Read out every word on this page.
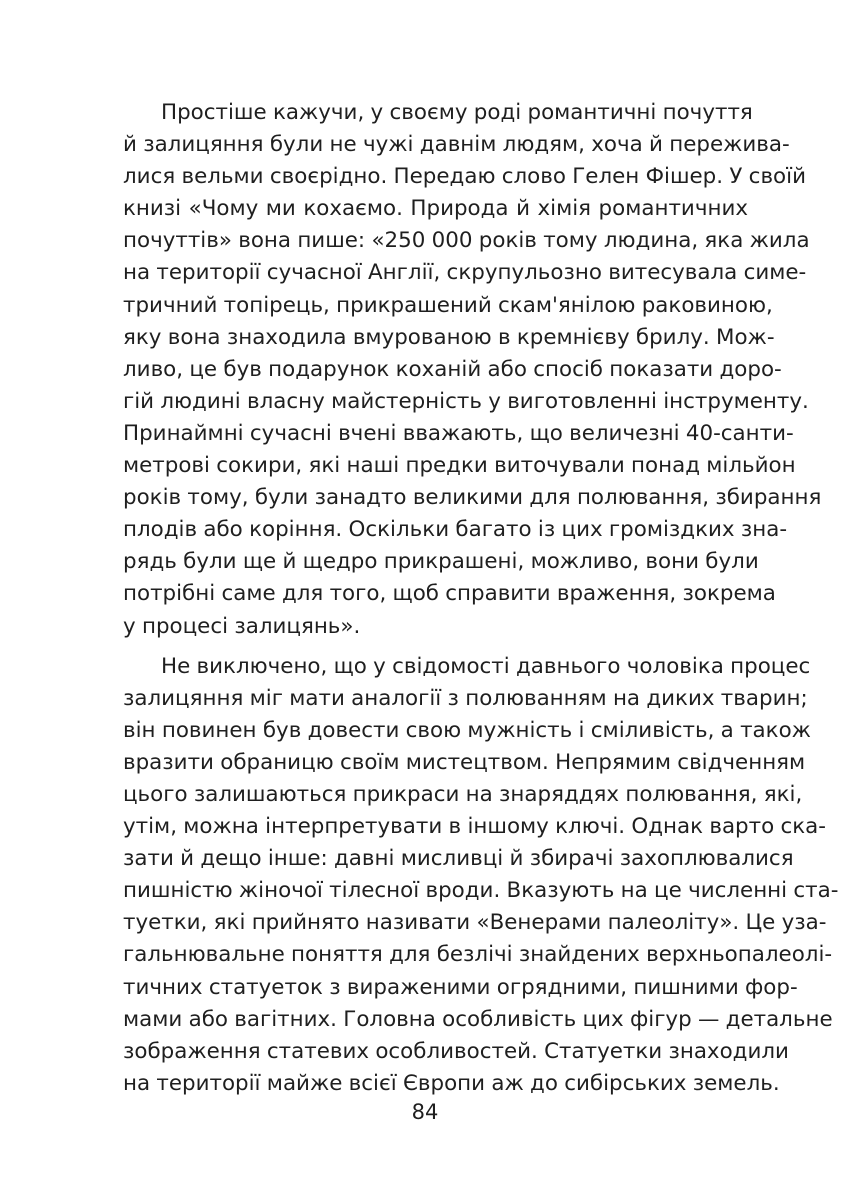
Простіше кажучи, у своєму роді романтичні почуття
й залицяння були не чужі давнім людям, хоча й пережива-
лися вельми своєрідно. Передаю слово Гелен Фішер. У своїй
книзі «Чому ми кохаємо. Природа й хімія романтичних
почуттів» вона пише: «250 000 років тому людина, яка жила
на території сучасної Англії, скрупульозно витесувала симе-
тричний топірець, прикрашений скам'янілою раковиною,
яку вона знаходила вмурованою в кремнієву брилу. Мож-
ливо, це був подарунок коханій або спосіб показати доро-
гій людині власну майстерність у виготовленні інструменту.
Принаймні сучасні вчені вважають, що величезні 40-санти-
метрові сокири, які наші предки виточували понад мільйон
років тому, були занадто великими для полювання, збирання
плодів або коріння. Оскільки багато із цих громіздких зна-
рядь були ще й щедро прикрашені, можливо, вони були
потрібні саме для того, щоб справити враження, зокрема
у процесі залицянь».
Не виключено, що у свідомості давнього чоловіка процес
залицяння міг мати аналогії з полюванням на диких тварин;
він повинен був довести свою мужність і сміливість, а також
вразити обраницю своїм мистецтвом. Непрямим свідченням
цього залишаються прикраси на знаряддях полювання, які,
утім, можна інтерпретувати в іншому ключі. Однак варто ска-
зати й дещо інше: давні мисливці й збирачі захоплювалися
пишністю жіночої тілесної вроди. Вказують на це численні ста-
туетки, які прийнято називати «Венерами палеоліту». Це уза-
гальнювальне поняття для безлічі знайдених верхньопалеолі-
тичних статуеток з вираженими огрядними, пишними фор-
мами або вагітних. Головна особливість цих фігур — детальне
зображення статевих особливостей. Статуетки знаходили
на території майже всієї Європи аж до сибірських земель.
84
